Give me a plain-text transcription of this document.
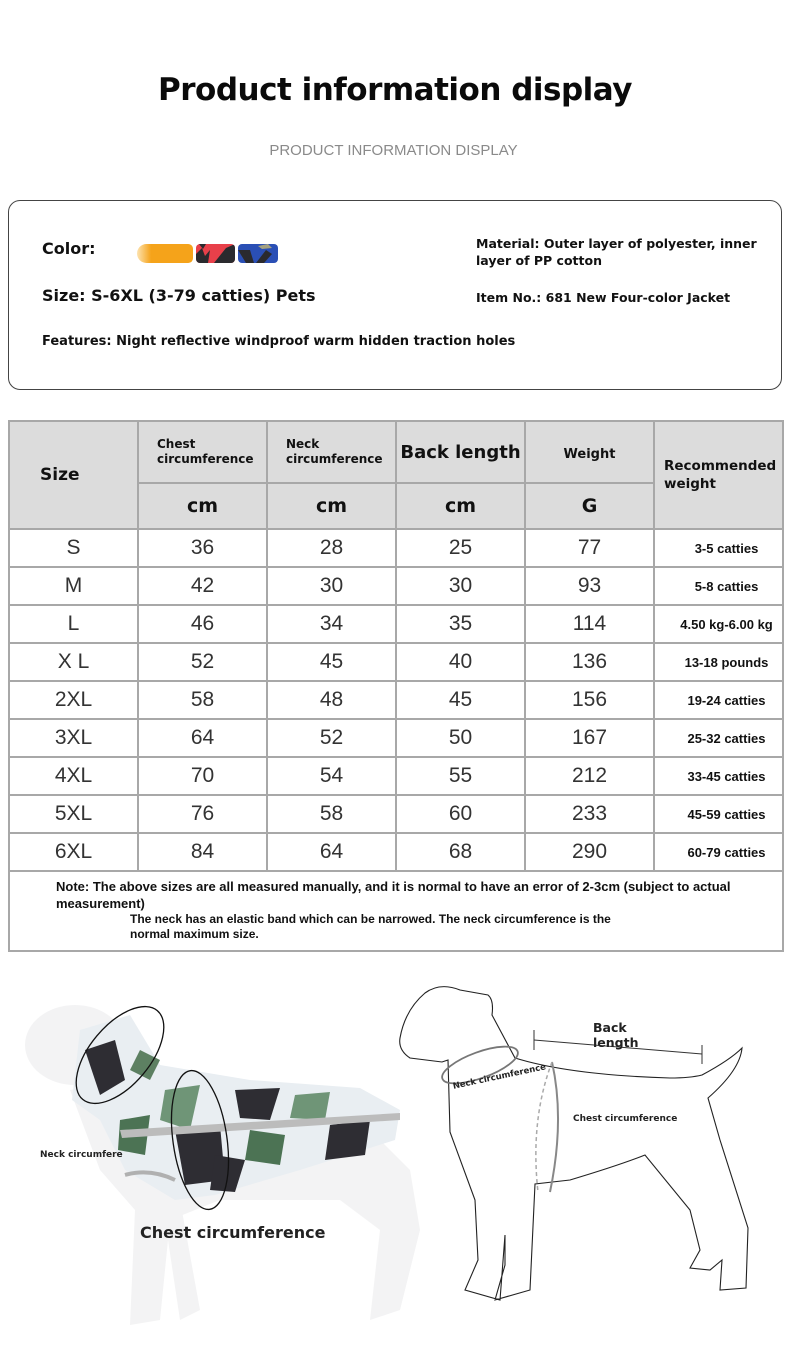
Product information display
PRODUCT INFORMATION DISPLAY
Color:
Size: S-6XL (3-79 catties) Pets
Features: Night reflective windproof warm hidden traction holes
Material: Outer layer of polyester, inner layer of PP cotton
Item No.: 681 New Four-color Jacket
Size	Chest circumference	Neck circumference	Back length	Weight	Recommended weight

	cm	cm	cm	G	
S	36	28	25	77	3-5 catties
M	42	30	30	93	5-8 catties
L	46	34	35	114	4.50 kg-6.00 kg
X L	52	45	40	136	13-18 pounds
2XL	58	48	45	156	19-24 catties
3XL	64	52	50	167	25-32 catties
4XL	70	54	55	212	33-45 catties
5XL	76	58	60	233	45-59 catties
6XL	84	64	68	290	60-79 catties

Note: The above sizes are all measured manually, and it is normal to have an error of 2-3cm (subject to actual measurement)
The neck has an elastic band which can be narrowed. The neck circumference is the normal maximum size.					
Neck circumfere
Chest circumference
Back length
Chest circumference
Neck circumference
